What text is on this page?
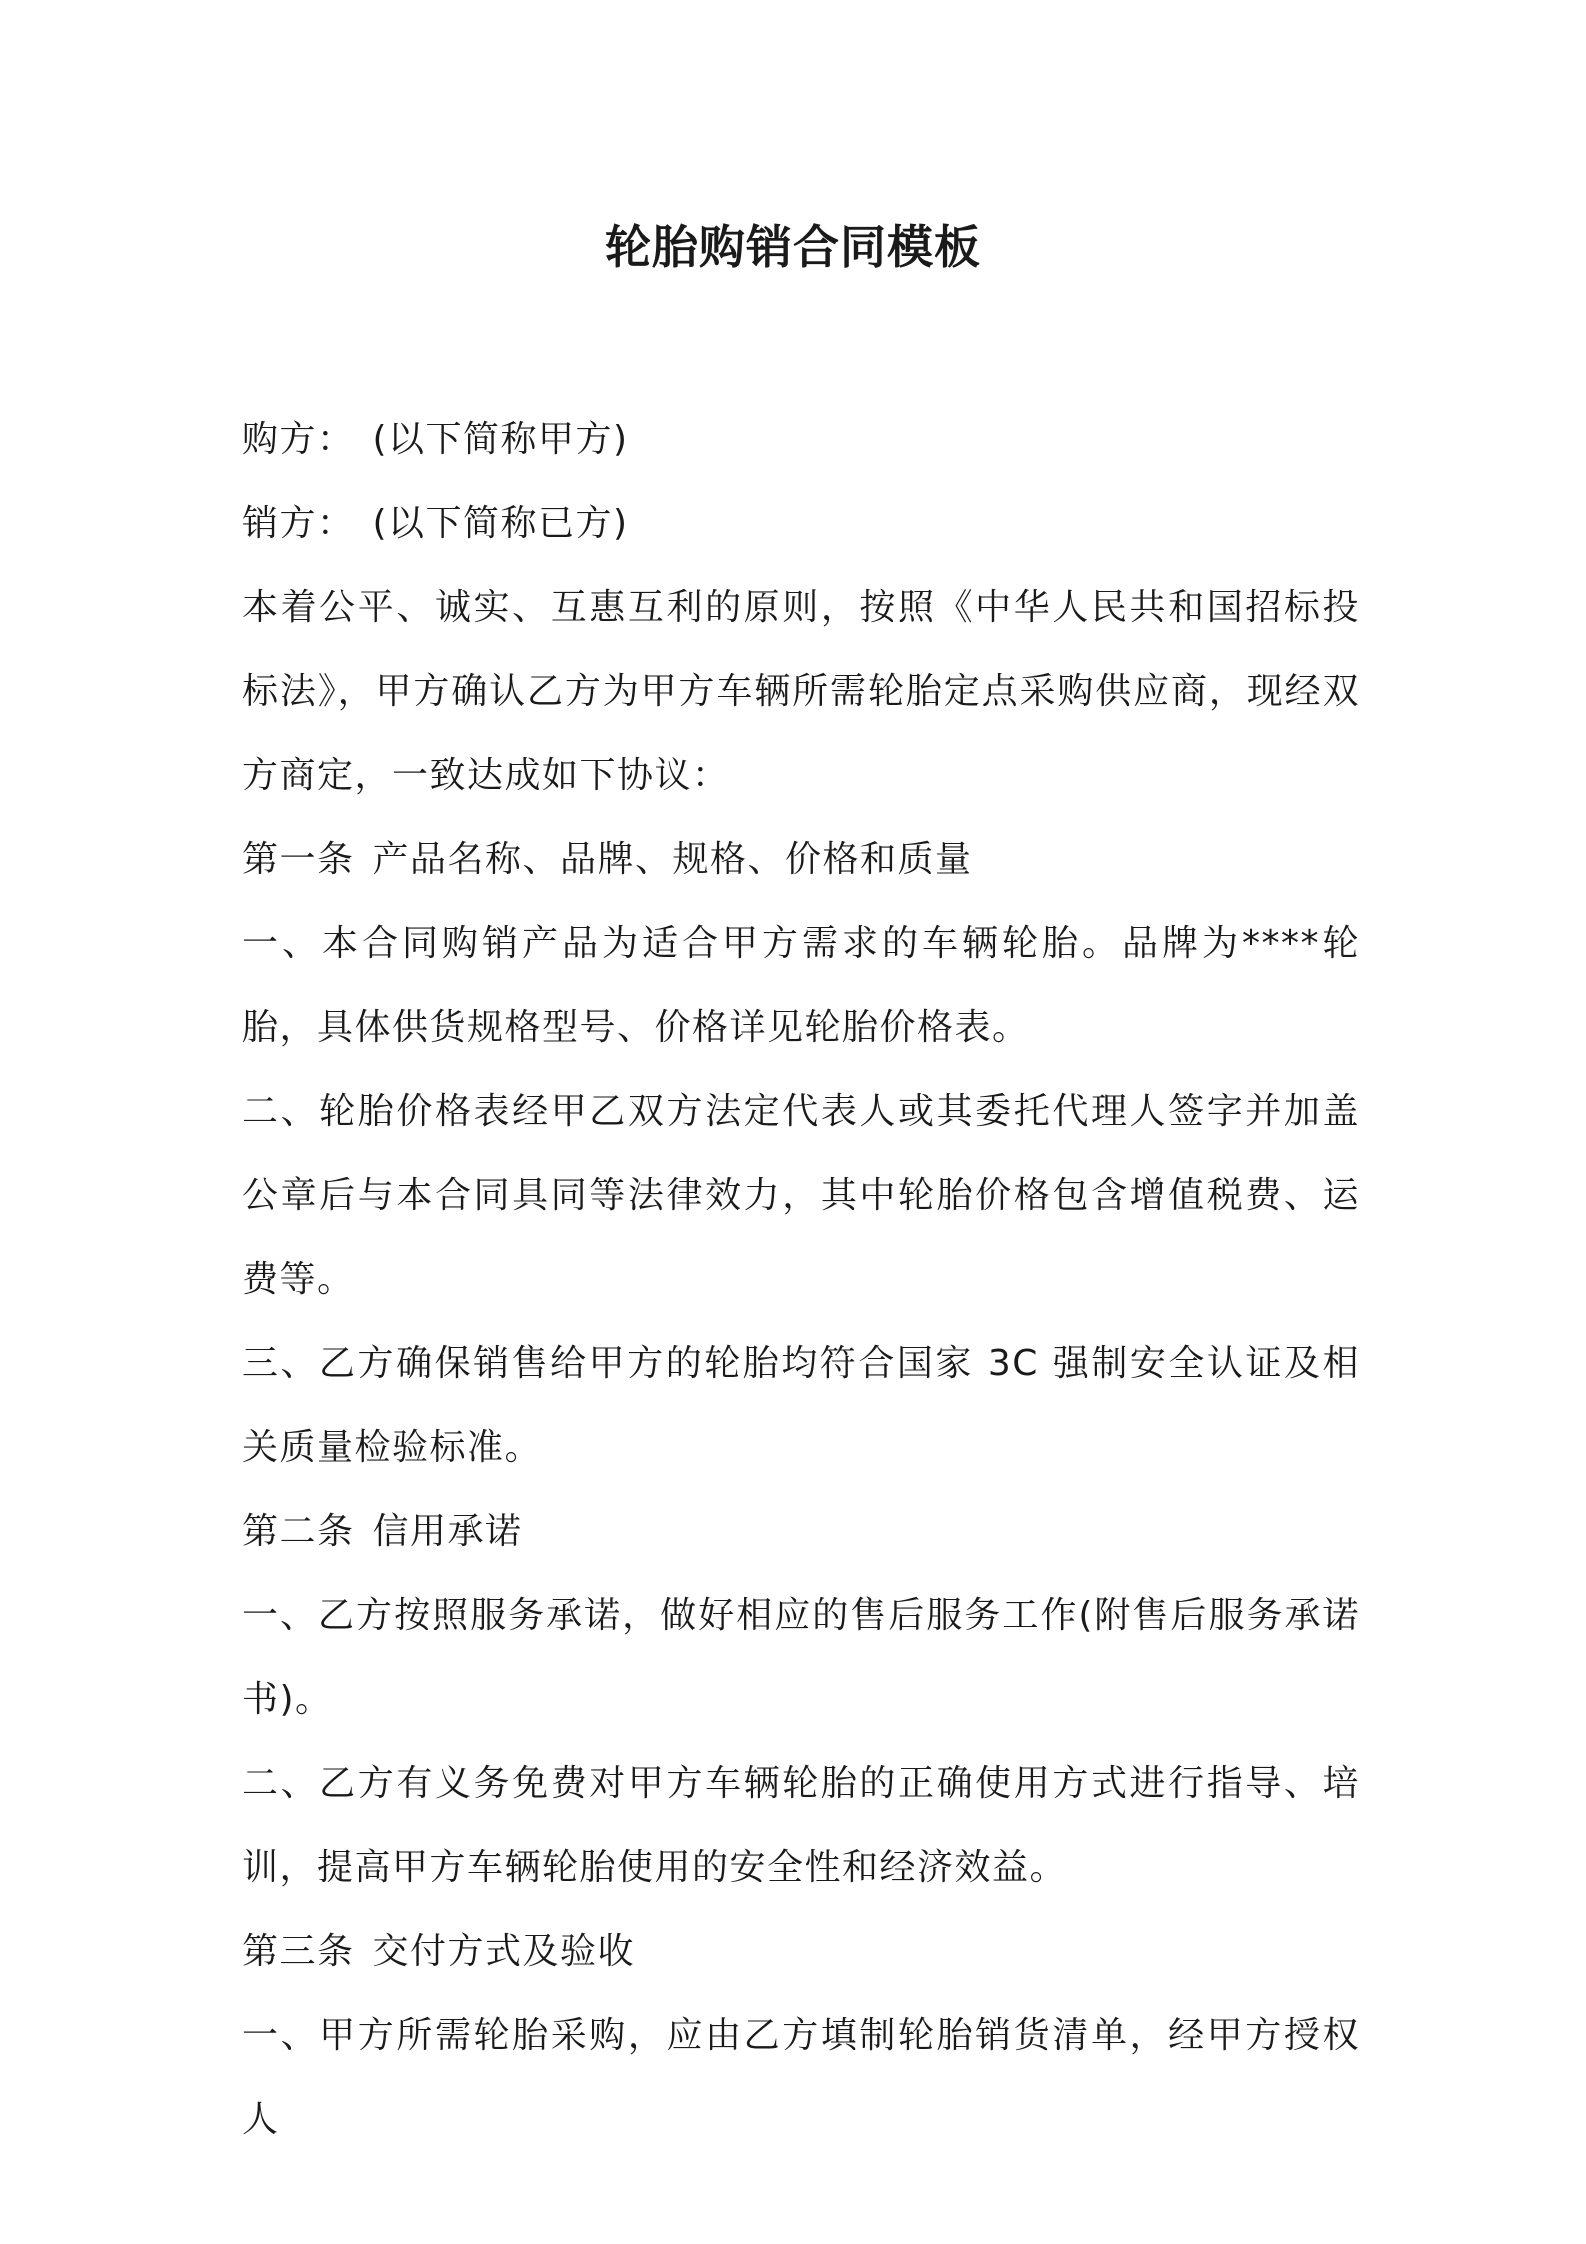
轮胎购销合同模板

购方： (以下简称甲方)

销方： (以下简称已方)

本着公平、诚实、互惠互利的原则，按照《中华人民共和国招标投标法》，甲方确认乙方为甲方车辆所需轮胎定点采购供应商，现经双方商定，一致达成如下协议：

第一条 产品名称、品牌、规格、价格和质量

一、本合同购销产品为适合甲方需求的车辆轮胎。品牌为****轮胎，具体供货规格型号、价格详见轮胎价格表。

二、轮胎价格表经甲乙双方法定代表人或其委托代理人签字并加盖公章后与本合同具同等法律效力，其中轮胎价格包含增值税费、运费等。

三、乙方确保销售给甲方的轮胎均符合国家 3C 强制安全认证及相关质量检验标准。

第二条 信用承诺

一、乙方按照服务承诺，做好相应的售后服务工作(附售后服务承诺书)。

二、乙方有义务免费对甲方车辆轮胎的正确使用方式进行指导、培训，提高甲方车辆轮胎使用的安全性和经济效益。

第三条 交付方式及验收

一、甲方所需轮胎采购，应由乙方填制轮胎销货清单，经甲方授权人
